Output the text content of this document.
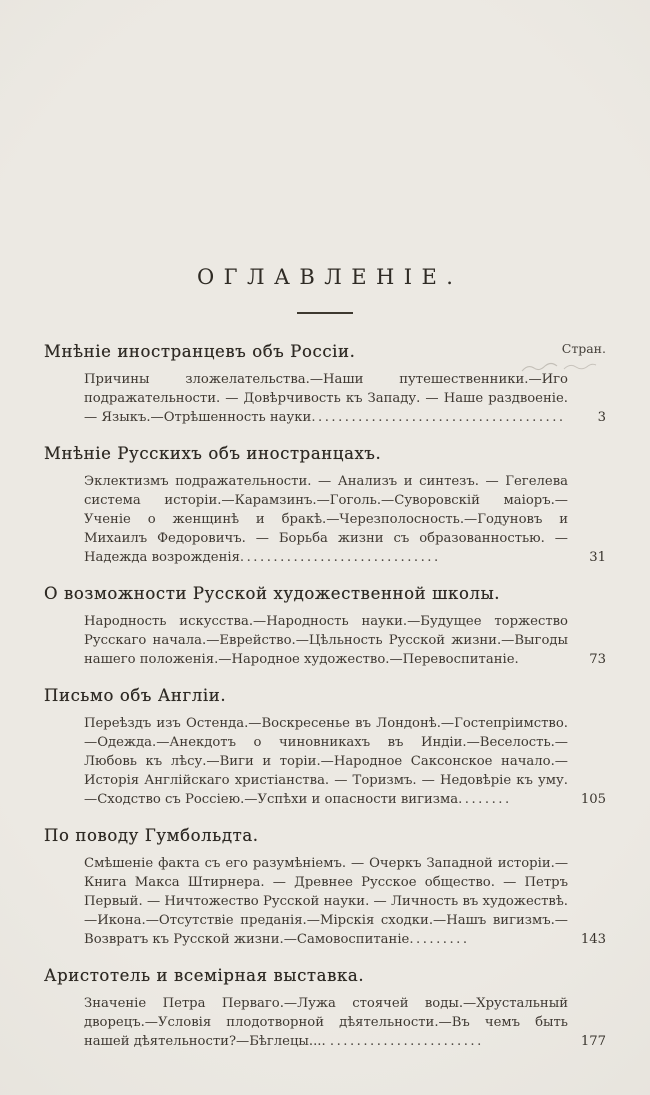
ОГЛАВЛЕНІЕ.
Стран.
Мнѣніе иностранцевъ объ Россіи.

Причины зложелательства.—Наши путешественники.—Иго подражательности. — Довѣрчивость къ Западу. — Наше раздвоеніе. — Языкъ.—Отрѣшенность науки...................................... 3

Мнѣніе Русскихъ объ иностранцахъ.

Эклектизмъ подражательности. — Анализъ и синтезъ. — Гегелева система исторіи.—Карамзинъ.—Гоголь.—Суворовскій маіоръ.— Ученіе о женщинѣ и бракѣ.—Черезполосность.—Годуновъ и Михаилъ Федоровичъ. — Борьба жизни съ образованностью. — Надежда возрожденія..............................	31

О возможности Русской художественной школы.

Народность искусства.—Народность науки.—Будущее торжество Русскаго начала.—Еврейство.—Цѣльность Русской жизни.—Выгоды нашего положенія.—Народное художество.—Перевоспитаніе.	73

Письмо объ Англіи.

Переѣздъ изъ Остенда.—Воскресенье въ Лондонѣ.—Гостепріимство.—Одежда.—Анекдотъ о чиновникахъ въ Индіи.—Веселость.— Любовь къ лѣсу.—Виги и торіи.—Народное Саксонское начало.— Исторія Англійскаго христіанства. — Торизмъ. — Недовѣріе къ уму.—Сходство съ Россіею.—Успѣхи и опасности вигизма........	105

По поводу Гумбольдта.

Смѣшеніе факта съ его разумѣніемъ. — Очеркъ Западной исторіи.— Книга Макса Штирнера. — Древнее Русское общество. — Петръ Первый. — Ничтожество Русской науки. — Личность въ художествѣ.—Икона.—Отсутствіе преданія.—Мірскія сходки.—Нашъ вигизмъ.—Возвратъ къ Русской жизни.—Самовоспитаніе.........	143

Аристотель и всемірная выставка.

Значеніе Петра Перваго.—Лужа стоячей воды.—Хрустальный дворецъ.—Условія плодотворной дѣятельности.—Въ чемъ быть нашей дѣятельности?—Бѣглецы.... .......................	177
